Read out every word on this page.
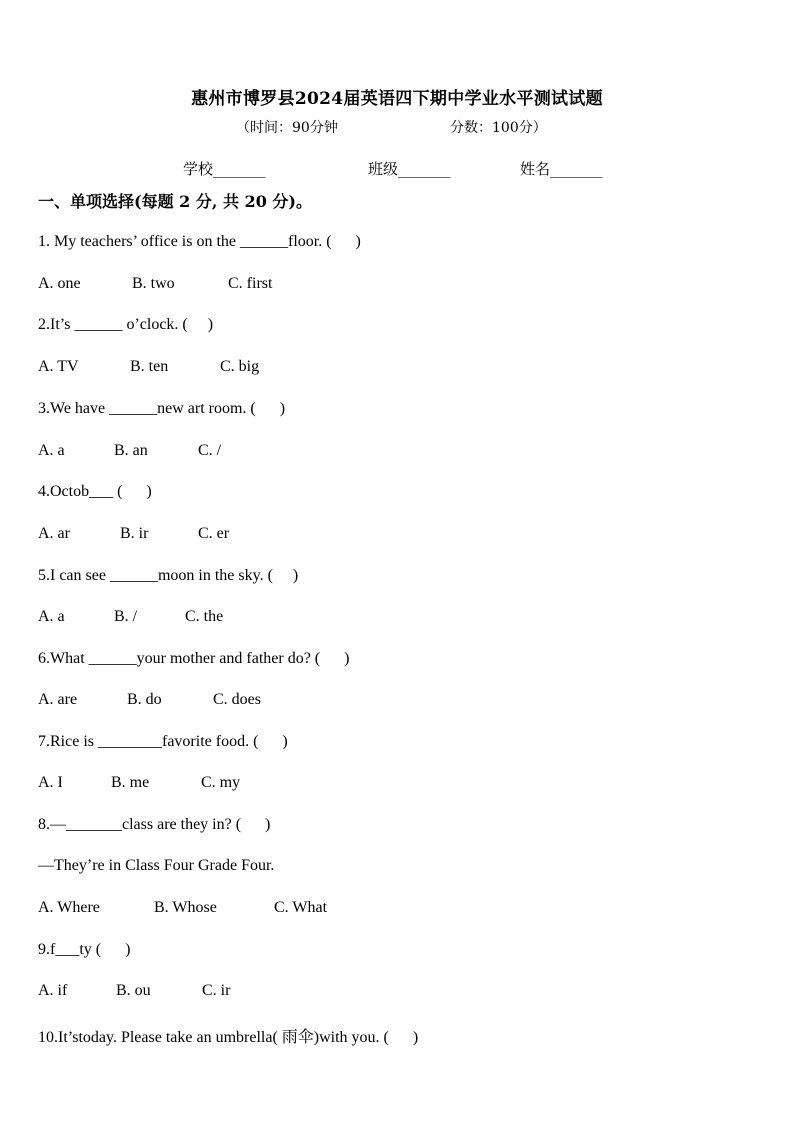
惠州市博罗县2024届英语四下期中学业水平测试试题
（时间：90分钟	分数：100分）
学校_______	班级_______	姓名_______
一、单项选择(每题 2 分, 共 20 分)。
1. My teachers’ office is on the ______floor. (      )
A. one	B. two	C. first
2.It’s ______ o’clock. (     )
A. TV	B. ten	C. big
3.We have ______new art room. (      )
A. a	B. an	C. /
4.Octob___ (      )
A. ar	B. ir	C. er
5.I can see ______moon in the sky. (     )
A. a	B. /	C. the
6.What ______your mother and father do? (      )
A. are	B. do	C. does
7.Rice is ________favorite food. (      )
A. I	B. me	C. my
8.—_______class are they in? (      )
—They’re in Class Four Grade Four.
A. Where	B. Whose	C. What
9.f___ty (      )
A. if	B. ou	C. ir
10.It’stoday. Please take an umbrella( 雨伞)with you. (      )
